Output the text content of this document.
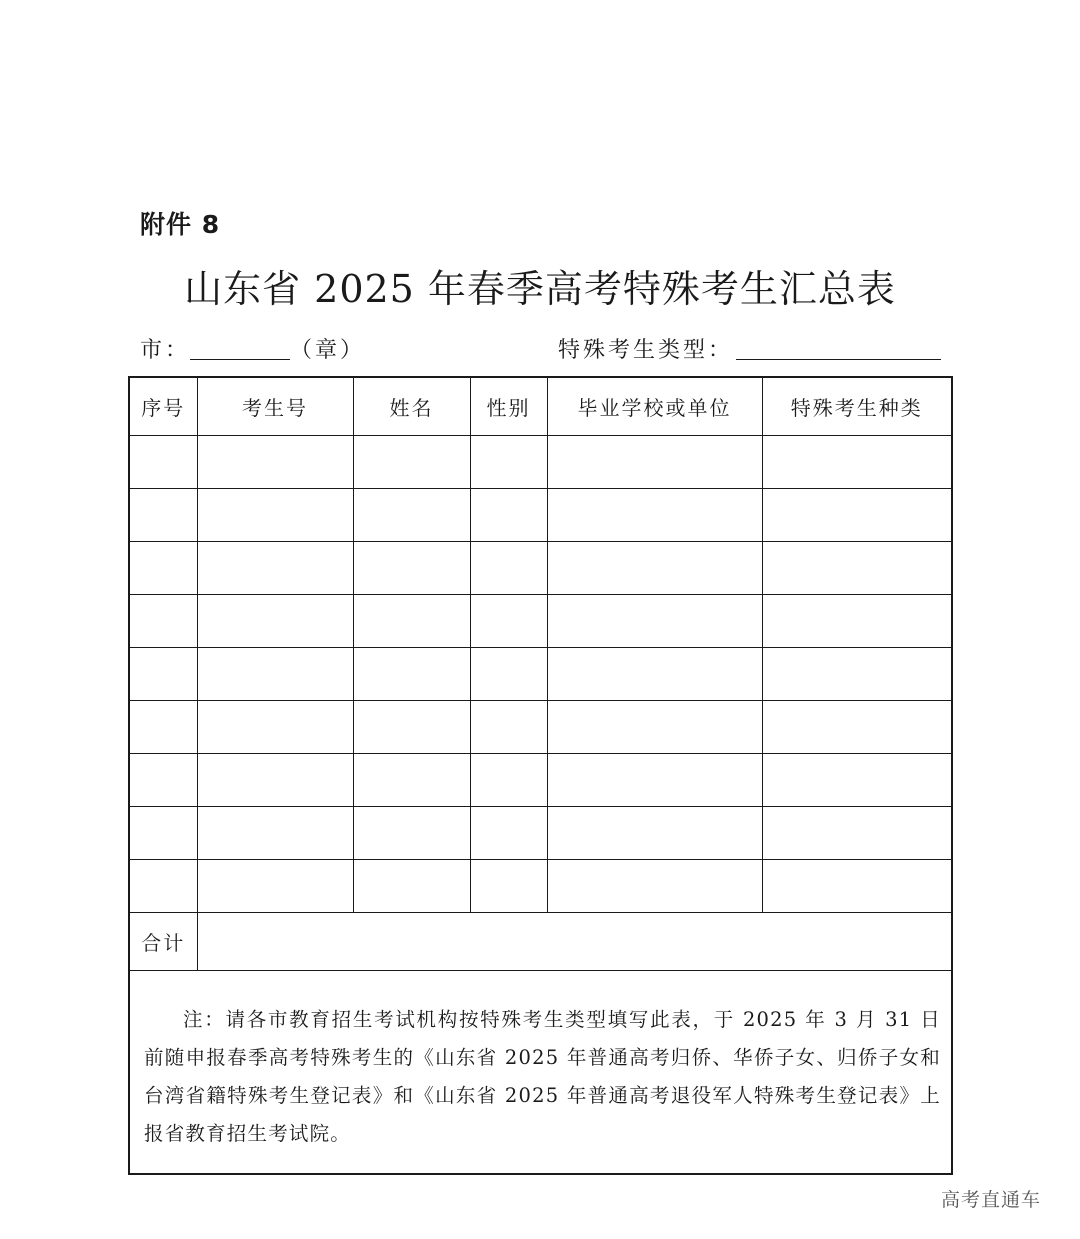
附件 8
山东省 2025 年春季高考特殊考生汇总表
市：	（章）	特殊考生类型：
序号	考生号	姓名	性别	毕业学校或单位	特殊考生种类

合计					

注：请各市教育招生考试机构按特殊考生类型填写此表，于 2025 年 3 月 31 日前随申报春季高考特殊考生的《山东省 2025 年普通高考归侨、华侨子女、归侨子女和台湾省籍特殊考生登记表》和《山东省 2025 年普通高考退役军人特殊考生登记表》上报省教育招生考试院。					
高考直通车
